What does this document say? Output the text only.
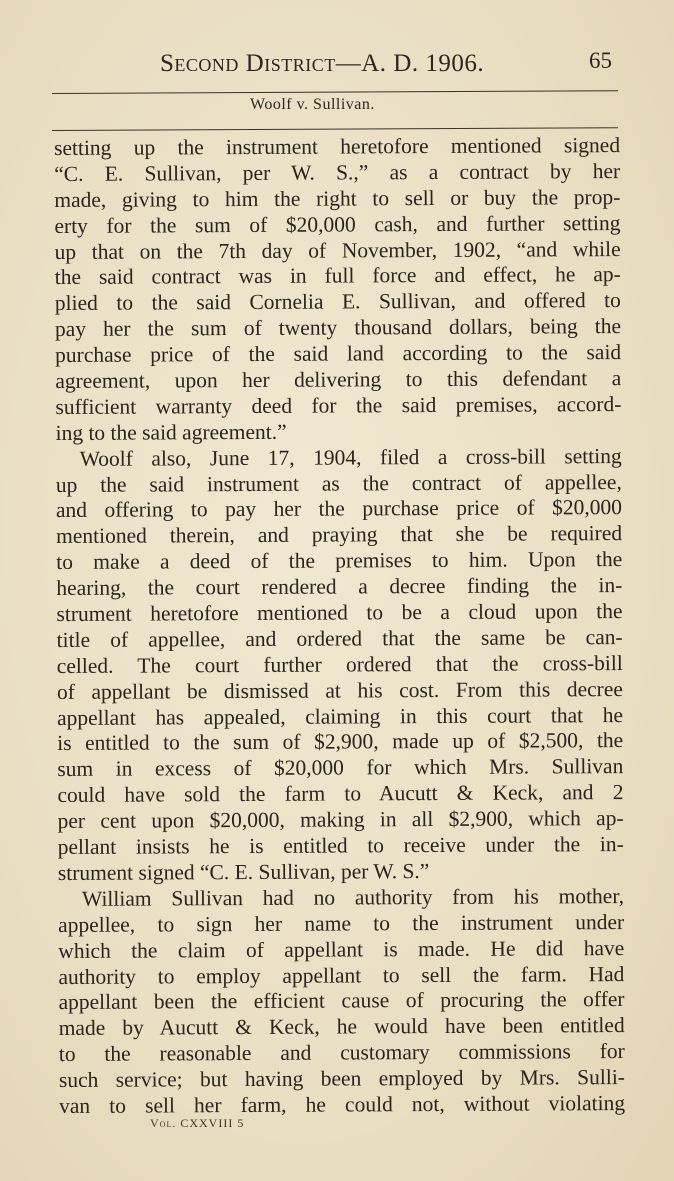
Second District—A. D. 1906.	65
Woolf v. Sullivan.
setting up the instrument heretofore mentioned signed
“C. E. Sullivan, per W. S.,” as a contract by her
made, giving to him the right to sell or buy the prop-
erty for the sum of $20,000 cash, and further setting
up that on the 7th day of November, 1902, “and while
the said contract was in full force and effect, he ap-
plied to the said Cornelia E. Sullivan, and offered to
pay her the sum of twenty thousand dollars, being the
purchase price of the said land according to the said
agreement, upon her delivering to this defendant a
sufficient warranty deed for the said premises, accord-
ing to the said agreement.”
Woolf also, June 17, 1904, filed a cross-bill setting
up the said instrument as the contract of appellee,
and offering to pay her the purchase price of $20,000
mentioned therein, and praying that she be required
to make a deed of the premises to him. Upon the
hearing, the court rendered a decree finding the in-
strument heretofore mentioned to be a cloud upon the
title of appellee, and ordered that the same be can-
celled. The court further ordered that the cross-bill
of appellant be dismissed at his cost. From this decree
appellant has appealed, claiming in this court that he
is entitled to the sum of $2,900, made up of $2,500, the
sum in excess of $20,000 for which Mrs. Sullivan
could have sold the farm to Aucutt & Keck, and 2
per cent upon $20,000, making in all $2,900, which ap-
pellant insists he is entitled to receive under the in-
strument signed “C. E. Sullivan, per W. S.”
William Sullivan had no authority from his mother,
appellee, to sign her name to the instrument under
which the claim of appellant is made. He did have
authority to employ appellant to sell the farm. Had
appellant been the efficient cause of procuring the offer
made by Aucutt & Keck, he would have been entitled
to the reasonable and customary commissions for
such service; but having been employed by Mrs. Sulli-
van to sell her farm, he could not, without violating
Vol. CXXVIII 5
